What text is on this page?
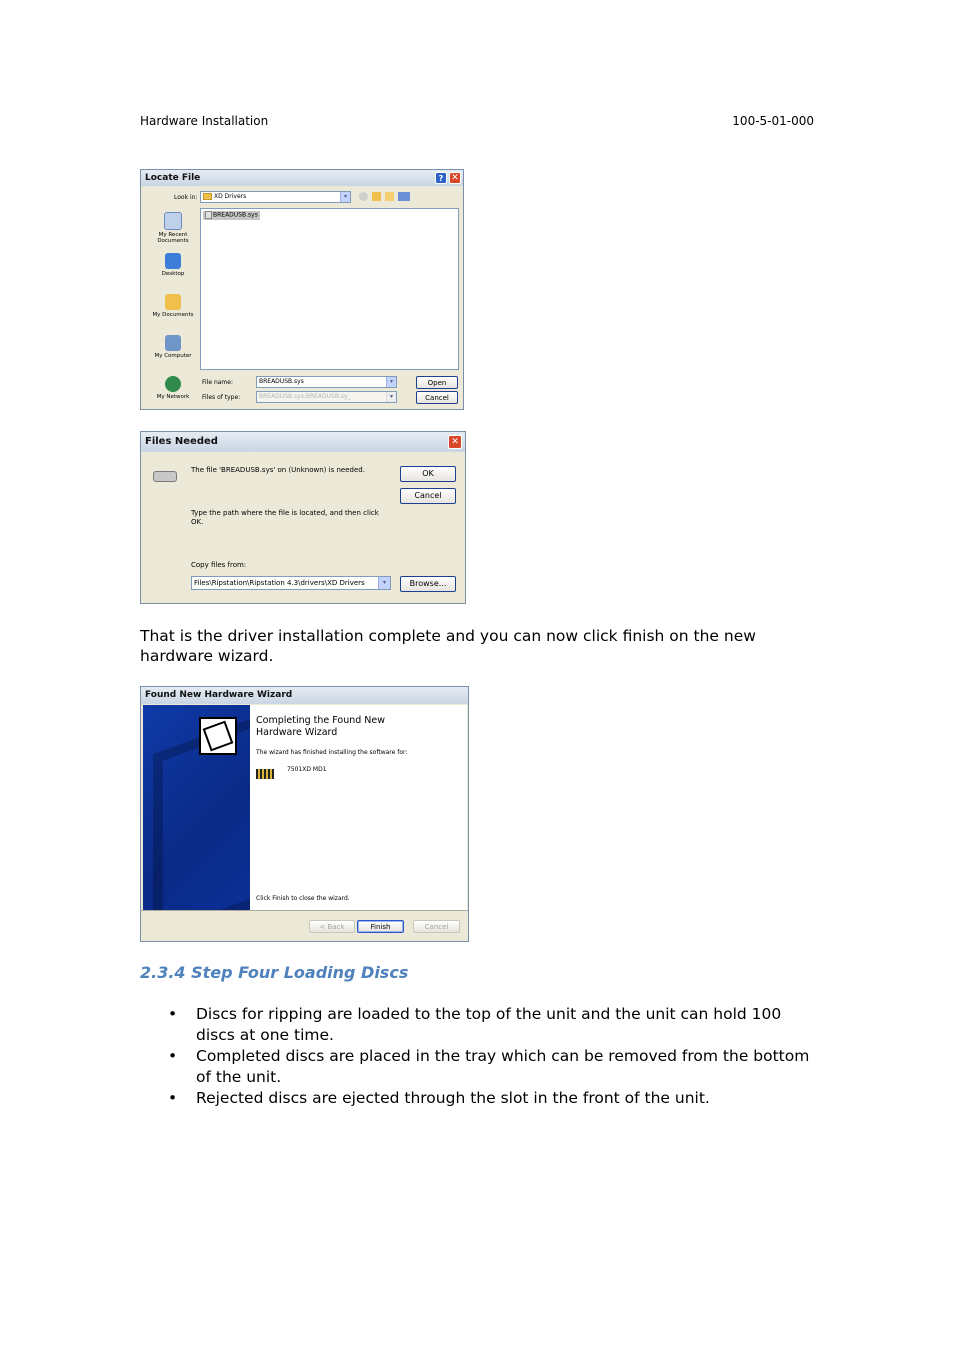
Hardware Installation	100-5-01-000
Locate File	? ✕
Look in:	XD Drivers	▾
My Recent Documents
Desktop
My Documents
My Computer
My Network
BREADUSB.sys
File name:	BREADUSB.sys	▾
Files of type:	BREADUSB.sys;BREADUSB.sy_	▾
Open
Cancel
Files Needed	✕
The file 'BREADUSB.sys' on (Unknown) is needed.
Type the path where the file is located, and then click OK.
Copy files from:
Files\Ripstation\Ripstation 4.3\drivers\XD Drivers	▾
OK
Cancel
Browse...
That is the driver installation complete and you can now click finish on the new hardware wizard.
Found New Hardware Wizard
Completing the Found New Hardware Wizard
The wizard has finished installing the software for:
7501XD MD1
Click Finish to close the wizard.
< Back	Finish	Cancel
2.3.4 Step Four Loading Discs
• Discs for ripping are loaded to the top of the unit and the unit can hold 100 discs at one time.
• Completed discs are placed in the tray which can be removed from the bottom of the unit.
• Rejected discs are ejected through the slot in the front of the unit.
